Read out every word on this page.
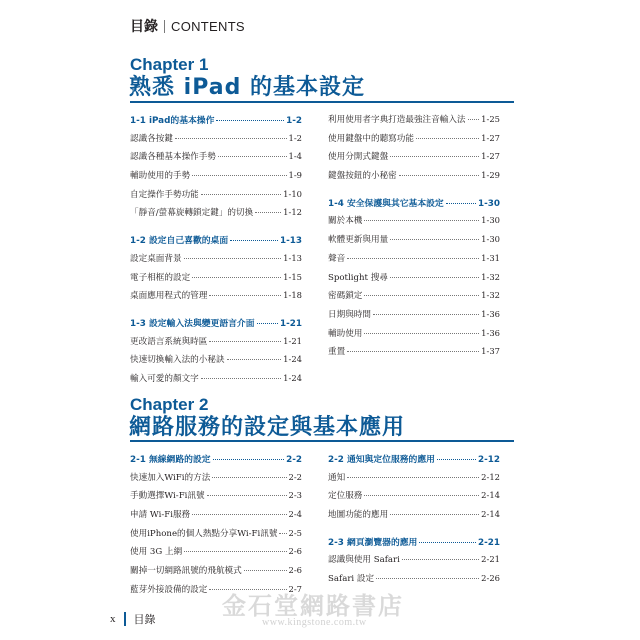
目錄 CONTENTS
Chapter 1
熟悉 iPad 的基本設定
1-1 iPad的基本操作	1-2
認識各按鍵	1-2
認識各種基本操作手勢	1-4
輔助使用的手勢	1-9
自定操作手勢功能	1-10
「靜音/螢幕旋轉鎖定鍵」的切換	1-12
1-2 設定自己喜歡的桌面	1-13
設定桌面背景	1-13
電子相框的設定	1-15
桌面應用程式的管理	1-18
1-3 設定輸入法與變更語言介面	1-21
更改語言系統與時區	1-21
快速切換輸入法的小秘訣	1-24
輸入可愛的顏文字	1-24
利用使用者字典打造最強注音輸入法 1-25
使用鍵盤中的聽寫功能	1-27
使用分開式鍵盤	1-27
鍵盤按鈕的小秘密	1-29
1-4 安全保護與其它基本設定	1-30
關於本機	1-30
軟體更新與用量	1-30
聲音	1-31
Spotlight 搜尋	1-32
密碼鎖定	1-32
日期與時間	1-36
輔助使用	1-36
重置	1-37
Chapter 2
網路服務的設定與基本應用
2-1 無線網路的設定	2-2
快速加入WiFi的方法	2-2
手動選擇Wi-Fi訊號	2-3
申請 Wi-Fi服務	2-4
使用iPhone的個人熱點分享Wi-Fi訊號 2-5
使用 3G 上網	2-6
關掉一切網路訊號的飛航模式	2-6
藍芽外接設備的設定	2-7
2-2 通知與定位服務的應用	2-12
通知	2-12
定位服務	2-14
地圖功能的應用	2-14
2-3 網頁瀏覽器的應用	2-21
認識與使用 Safari	2-21
Safari 設定	2-26
金石堂網路書店
www.kingstone.com.tw
x 目錄
